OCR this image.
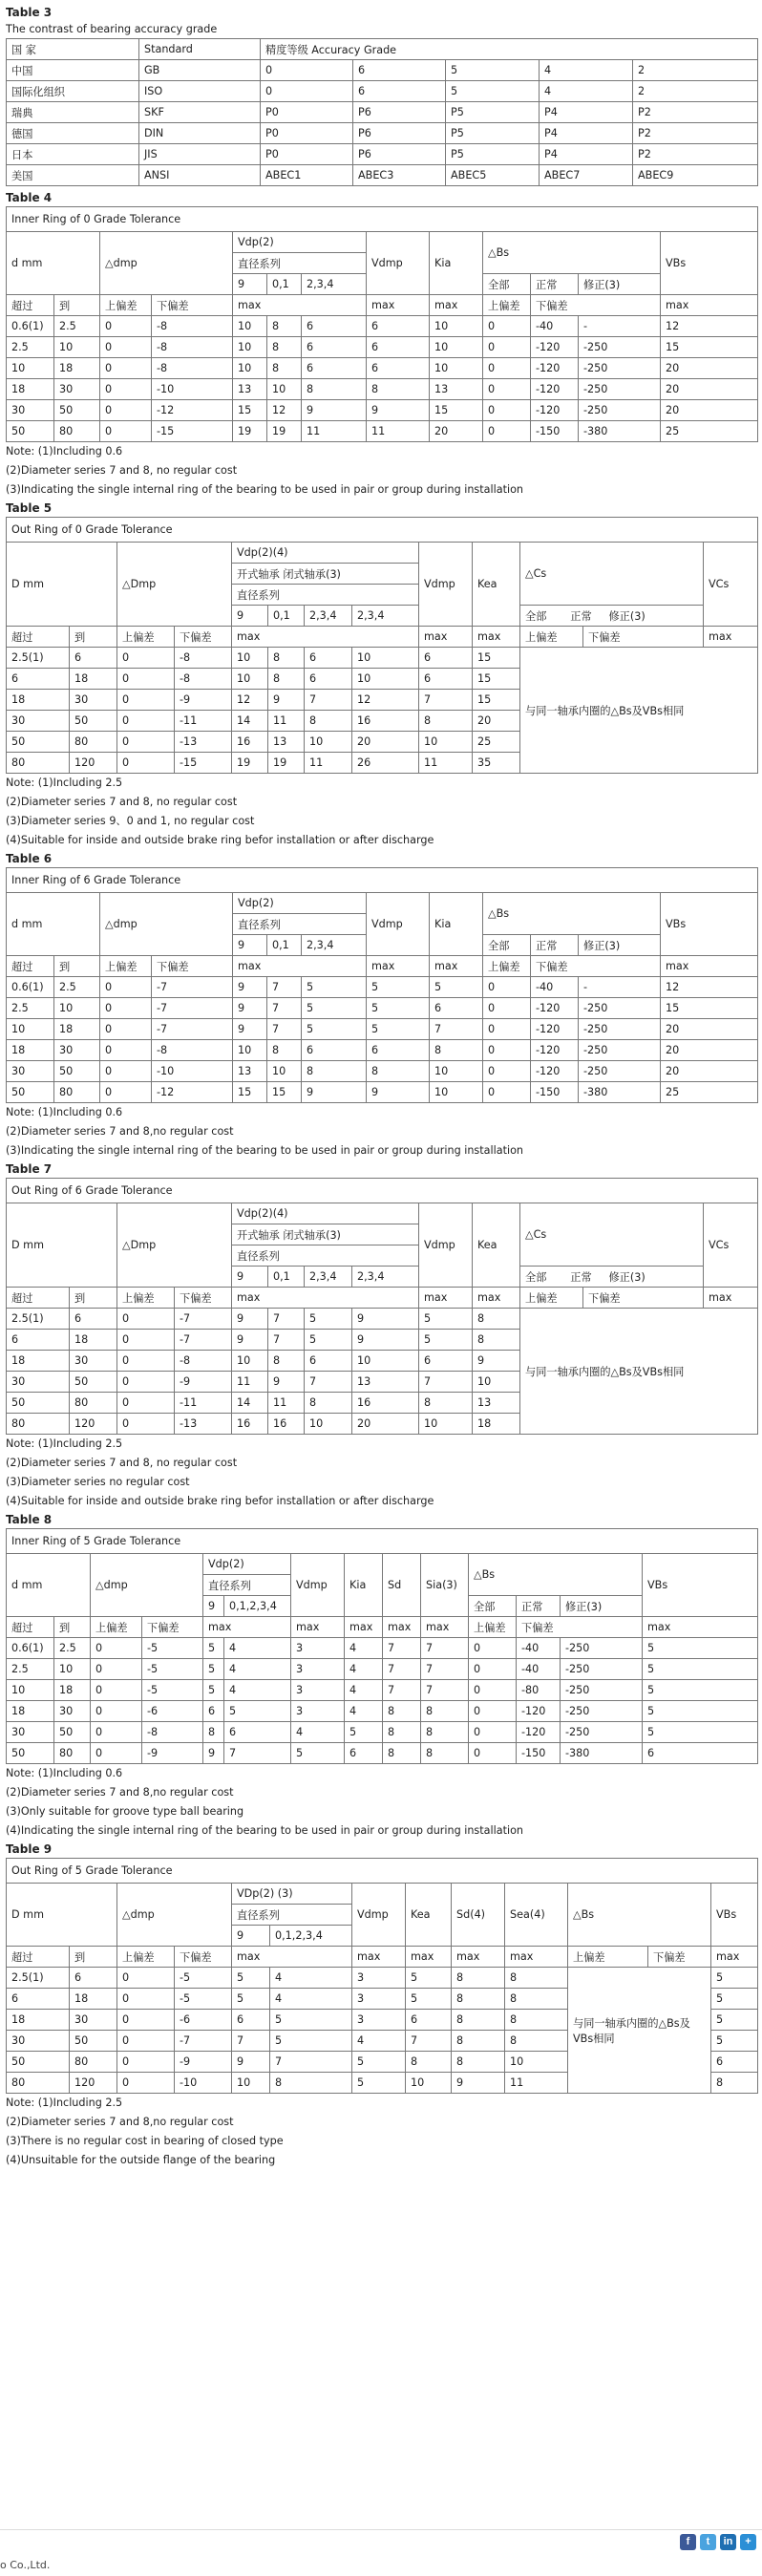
Table 3
The contrast of bearing accuracy grade
国 家	Standard	精度等级 Accuracy Grade				
中国	GB	0	6	5	4	2
国际化组织	ISO	0	6	5	4	2
瑞典	SKF	P0	P6	P5	P4	P2
德国	DIN	P0	P6	P5	P4	P2
日本	JIS	P0	P6	P5	P4	P2
美国	ANSI	ABEC1	ABEC3	ABEC5	ABEC7	ABEC9
Table 4
Inner Ring of 0 Grade Tolerance												
d mm		△dmp		Vdp(2)			Vdmp	Kia	△Bs			VBs
				直径系列								
				9	0,1	2,3,4			全部	正常	修正(3)	
超过	到	上偏差	下偏差	max			max	max	上偏差	下偏差		max
0.6(1)	2.5	0	-8	10	8	6	6	10	0	-40	-	12
2.5	10	0	-8	10	8	6	6	10	0	-120	-250	15
10	18	0	-8	10	8	6	6	10	0	-120	-250	20
18	30	0	-10	13	10	8	8	13	0	-120	-250	20
30	50	0	-12	15	12	9	9	15	0	-120	-250	20
50	80	0	-15	19	19	11	11	20	0	-150	-380	25
Note: (1)Including 0.6
(2)Diameter series 7 and 8, no regular cost
(3)Indicating the single internal ring of the bearing to be used in pair or group during installation
Table 5
Out Ring of 0 Grade Tolerance												
D mm		△Dmp		Vdp(2)(4)				Vdmp	Kea	△Cs		VCs
				开式轴承 闭式轴承(3)								
				直径系列								
				9	0,1	2,3,4	2,3,4			全部 正常 修正(3)		
超过	到	上偏差	下偏差	max				max	max	上偏差	下偏差	max
2.5(1)	6	0	-8	10	8	6	10	6	15	与同一轴承内圈的△Bs及VBs相同		
6	18	0	-8	10	8	6	10	6	15			
18	30	0	-9	12	9	7	12	7	15			
30	50	0	-11	14	11	8	16	8	20			
50	80	0	-13	16	13	10	20	10	25			
80	120	0	-15	19	19	11	26	11	35			
Note: (1)Including 2.5
(2)Diameter series 7 and 8, no regular cost
(3)Diameter series 9、0 and 1, no regular cost
(4)Suitable for inside and outside brake ring befor installation or after discharge
Table 6
Inner Ring of 6 Grade Tolerance												
d mm		△dmp		Vdp(2)			Vdmp	Kia	△Bs			VBs
				直径系列								
				9	0,1	2,3,4			全部	正常	修正(3)	
超过	到	上偏差	下偏差	max			max	max	上偏差	下偏差		max
0.6(1)	2.5	0	-7	9	7	5	5	5	0	-40	-	12
2.5	10	0	-7	9	7	5	5	6	0	-120	-250	15
10	18	0	-7	9	7	5	5	7	0	-120	-250	20
18	30	0	-8	10	8	6	6	8	0	-120	-250	20
30	50	0	-10	13	10	8	8	10	0	-120	-250	20
50	80	0	-12	15	15	9	9	10	0	-150	-380	25
Note: (1)Including 0.6
(2)Diameter series 7 and 8,no regular cost
(3)Indicating the single internal ring of the bearing to be used in pair or group during installation
Table 7
Out Ring of 6 Grade Tolerance												
D mm		△Dmp		Vdp(2)(4)				Vdmp	Kea	△Cs		VCs
				开式轴承 闭式轴承(3)								
				直径系列								
				9	0,1	2,3,4	2,3,4			全部 正常 修正(3)		
超过	到	上偏差	下偏差	max				max	max	上偏差	下偏差	max
2.5(1)	6	0	-7	9	7	5	9	5	8	与同一轴承内圈的△Bs及VBs相同		
6	18	0	-7	9	7	5	9	5	8			
18	30	0	-8	10	8	6	10	6	9			
30	50	0	-9	11	9	7	13	7	10			
50	80	0	-11	14	11	8	16	8	13			
80	120	0	-13	16	16	10	20	10	18			
Note: (1)Including 2.5
(2)Diameter series 7 and 8, no regular cost
(3)Diameter series no regular cost
(4)Suitable for inside and outside brake ring befor installation or after discharge
Table 8
Inner Ring of 5 Grade Tolerance													
d mm		△dmp		Vdp(2)		Vdmp	Kia	Sd	Sia(3)	△Bs			VBs
				直径系列									
				9	0,1,2,3,4					全部	正常	修正(3)	
超过	到	上偏差	下偏差	max		max	max	max	max	上偏差	下偏差		max
0.6(1)	2.5	0	-5	5	4	3	4	7	7	0	-40	-250	5
2.5	10	0	-5	5	4	3	4	7	7	0	-40	-250	5
10	18	0	-5	5	4	3	4	7	7	0	-80	-250	5
18	30	0	-6	6	5	3	4	8	8	0	-120	-250	5
30	50	0	-8	8	6	4	5	8	8	0	-120	-250	5
50	80	0	-9	9	7	5	6	8	8	0	-150	-380	6
Note: (1)Including 0.6
(2)Diameter series 7 and 8,no regular cost
(3)Only suitable for groove type ball bearing
(4)Indicating the single internal ring of the bearing to be used in pair or group during installation
Table 9
Out Ring of 5 Grade Tolerance												
D mm		△dmp		VDp(2) (3)		Vdmp	Kea	Sd(4)	Sea(4)	△Bs		VBs
				直径系列								
				9	0,1,2,3,4							
超过	到	上偏差	下偏差	max		max	max	max	max	上偏差	下偏差	max
2.5(1)	6	0	-5	5	4	3	5	8	8	与同一轴承内圈的△Bs及VBs相同		5
6	18	0	-5	5	4	3	5	8	8			5
18	30	0	-6	6	5	3	6	8	8			5
30	50	0	-7	7	5	4	7	8	8			5
50	80	0	-9	9	7	5	8	8	10			6
80	120	0	-10	10	8	5	10	9	11			8
Note: (1)Including 2.5
(2)Diameter series 7 and 8,no regular cost
(3)There is no regular cost in bearing of closed type
(4)Unsuitable for the outside flange of the bearing
f	t	in	+
o Co.,Ltd.
